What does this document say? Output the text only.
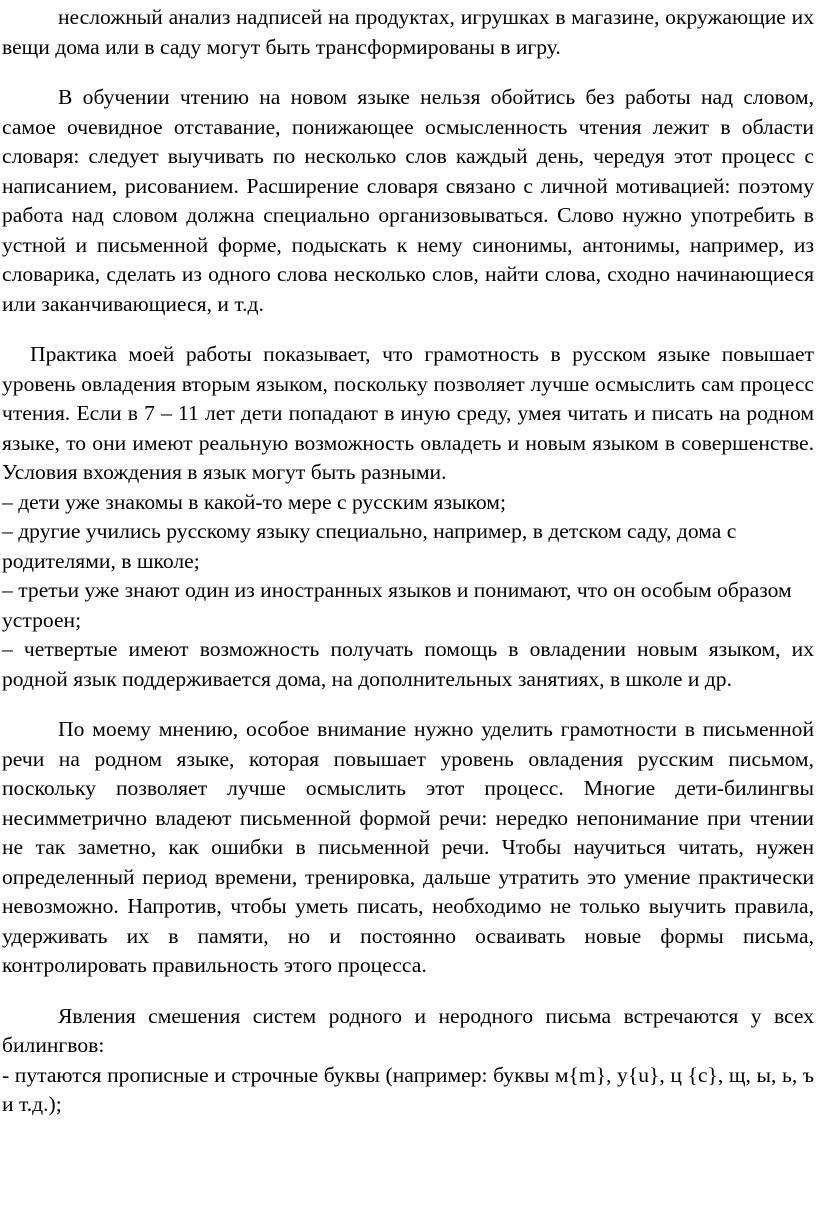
несложный анализ надписей на продуктах, игрушках в магазине, окружающие их вещи дома или в саду могут быть трансформированы в игру.

В обучении чтению на новом языке нельзя обойтись без работы над словом, самое очевидное отставание, понижающее осмысленность чтения лежит в области словаря: следует выучивать по несколько слов каждый день, чередуя этот процесс с написанием, рисованием. Расширение словаря связано с личной мотивацией: поэтому работа над словом должна специально организовываться. Слово нужно употребить в устной и письменной форме, подыскать к нему синонимы, антонимы, например, из словарика, сделать из одного слова несколько слов, найти слова, сходно начинающиеся или заканчивающиеся, и т.д.

Практика моей работы показывает, что грамотность в русском языке повышает уровень овладения вторым языком, поскольку позволяет лучше осмыслить сам процесс чтения. Если в 7 – 11 лет дети попадают в иную среду, умея читать и писать на родном языке, то они имеют реальную возможность овладеть и новым языком в совершенстве. Условия вхождения в язык могут быть разными.

– дети уже знакомы в какой-то мере с русским языком;

– другие учились русскому языку специально, например, в детском саду, дома с родителями, в школе;

– третьи уже знают один из иностранных языков и понимают, что он особым образом устроен;

– четвертые имеют возможность получать помощь в овладении новым языком, их родной язык поддерживается дома, на дополнительных занятиях, в школе и др.

По моему мнению, особое внимание нужно уделить грамотности в письменной речи на родном языке, которая повышает уровень овладения русским письмом, поскольку позволяет лучше осмыслить этот процесс. Многие дети-билингвы несимметрично владеют письменной формой речи: нередко непонимание при чтении не так заметно, как ошибки в письменной речи. Чтобы научиться читать, нужен определенный период времени, тренировка, дальше утратить это умение практически невозможно. Напротив, чтобы уметь писать, необходимо не только выучить правила, удерживать их в памяти, но и постоянно осваивать новые формы письма, контролировать правильность этого процесса.

Явления смешения систем родного и неродного письма встречаются у всех билингвов:

- путаются прописные и строчные буквы (например: буквы м{m}, у{u}, ц {c}, щ, ы, ь, ъ и т.д.);
